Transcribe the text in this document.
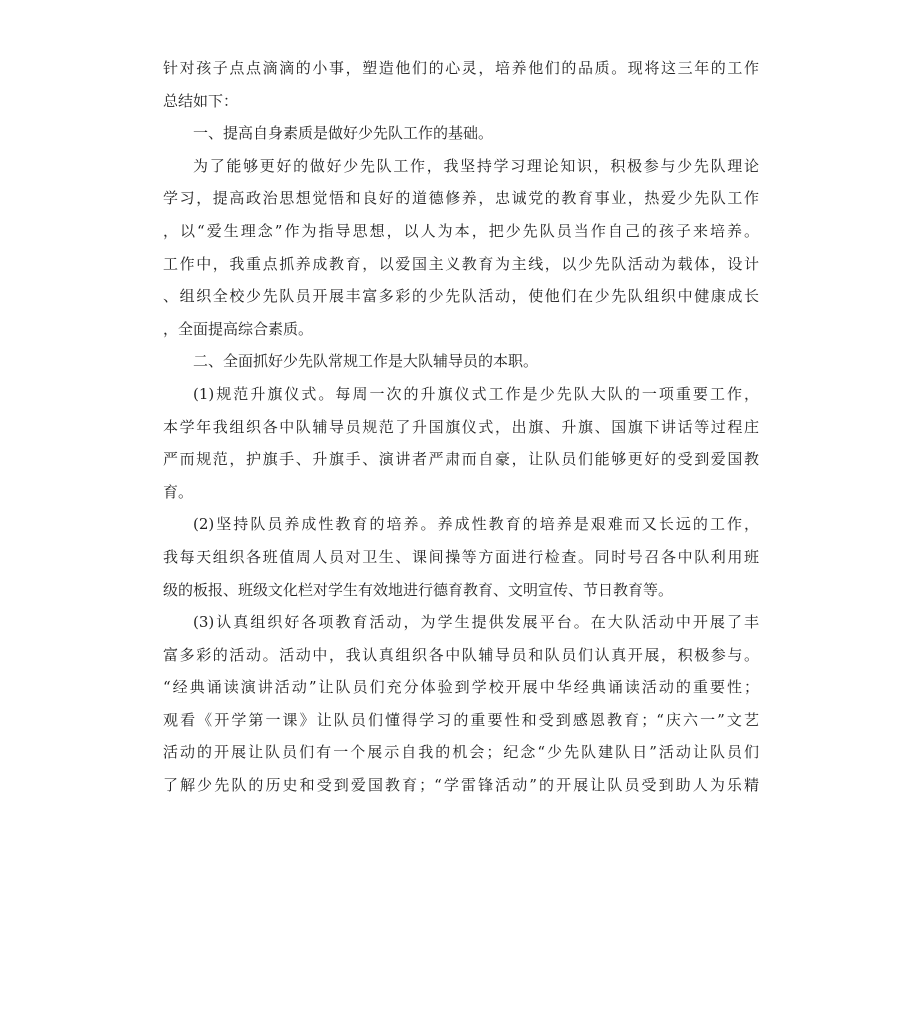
针对孩子点点滴滴的小事，塑造他们的心灵，培养他们的品质。现将这三年的工作
总结如下：
一、提高自身素质是做好少先队工作的基础。
为了能够更好的做好少先队工作，我坚持学习理论知识，积极参与少先队理论
学习，提高政治思想觉悟和良好的道德修养，忠诚党的教育事业，热爱少先队工作
，以“爱生理念”作为指导思想，以人为本，把少先队员当作自己的孩子来培养。
工作中，我重点抓养成教育，以爱国主义教育为主线，以少先队活动为载体，设计
、组织全校少先队员开展丰富多彩的少先队活动，使他们在少先队组织中健康成长
，全面提高综合素质。
二、全面抓好少先队常规工作是大队辅导员的本职。
(1)规范升旗仪式。每周一次的升旗仪式工作是少先队大队的一项重要工作，
本学年我组织各中队辅导员规范了升国旗仪式，出旗、升旗、国旗下讲话等过程庄
严而规范，护旗手、升旗手、演讲者严肃而自豪，让队员们能够更好的受到爱国教
育。
(2)坚持队员养成性教育的培养。养成性教育的培养是艰难而又长远的工作，
我每天组织各班值周人员对卫生、课间操等方面进行检查。同时号召各中队利用班
级的板报、班级文化栏对学生有效地进行德育教育、文明宣传、节日教育等。
(3)认真组织好各项教育活动，为学生提供发展平台。在大队活动中开展了丰
富多彩的活动。活动中，我认真组织各中队辅导员和队员们认真开展，积极参与。
“经典诵读演讲活动”让队员们充分体验到学校开展中华经典诵读活动的重要性；
观看《开学第一课》让队员们懂得学习的重要性和受到感恩教育；“庆六一”文艺
活动的开展让队员们有一个展示自我的机会；纪念“少先队建队日”活动让队员们
了解少先队的历史和受到爱国教育；“学雷锋活动”的开展让队员受到助人为乐精
